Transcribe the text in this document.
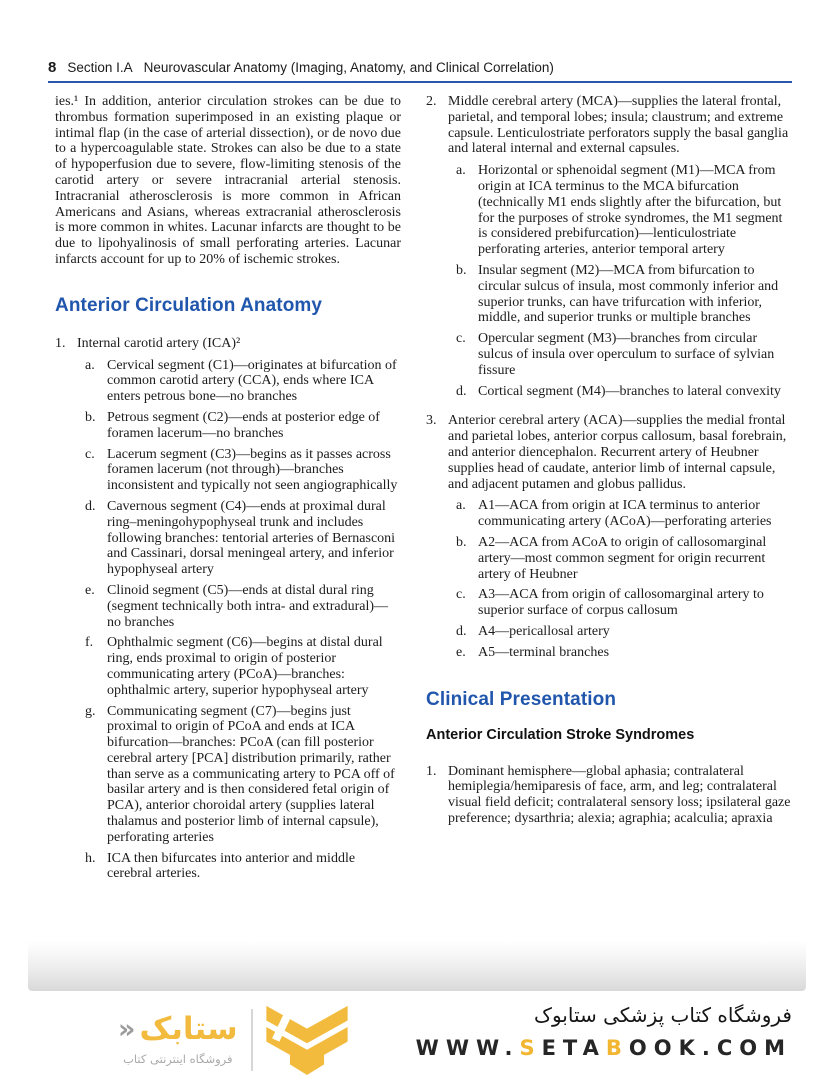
8 Section I.A Neurovascular Anatomy (Imaging, Anatomy, and Clinical Correlation)

ies.¹ In addition, anterior circulation strokes can be due to thrombus formation superimposed in an existing plaque or intimal flap (in the case of arterial dissection), or de novo due to a hypercoagulable state. Strokes can also be due to a state of hypoperfusion due to severe, flow-limiting stenosis of the carotid artery or severe intracranial arterial stenosis. Intracranial atherosclerosis is more common in African Americans and Asians, whereas extracranial atherosclerosis is more common in whites. Lacunar infarcts are thought to be due to lipohyalinosis of small perforating arteries. Lacunar infarcts account for up to 20% of ischemic strokes.

Anterior Circulation Anatomy
1. Internal carotid artery (ICA)²
a. Cervical segment (C1)—originates at bifurcation of common carotid artery (CCA), ends where ICA enters petrous bone—no branches
b. Petrous segment (C2)—ends at posterior edge of foramen lacerum—no branches
c. Lacerum segment (C3)—begins as it passes across foramen lacerum (not through)—branches inconsistent and typically not seen angiographically
d. Cavernous segment (C4)—ends at proximal dural ring–meningohypophyseal trunk and includes following branches: tentorial arteries of Bernasconi and Cassinari, dorsal meningeal artery, and inferior hypophyseal artery
e. Clinoid segment (C5)—ends at distal dural ring (segment technically both intra- and extradural)—no branches
f. Ophthalmic segment (C6)—begins at distal dural ring, ends proximal to origin of posterior communicating artery (PCoA)—branches: ophthalmic artery, superior hypophyseal artery
g. Communicating segment (C7)—begins just proximal to origin of PCoA and ends at ICA bifurcation—branches: PCoA (can fill posterior cerebral artery [PCA] distribution primarily, rather than serve as a communicating artery to PCA off of basilar artery and is then considered fetal origin of PCA), anterior choroidal artery (supplies lateral thalamus and posterior limb of internal capsule), perforating arteries
h. ICA then bifurcates into anterior and middle cerebral arteries.
2. Middle cerebral artery (MCA)—supplies the lateral frontal, parietal, and temporal lobes; insula; claustrum; and extreme capsule. Lenticulostriate perforators supply the basal ganglia and lateral internal and external capsules.
a. Horizontal or sphenoidal segment (M1)—MCA from origin at ICA terminus to the MCA bifurcation (technically M1 ends slightly after the bifurcation, but for the purposes of stroke syndromes, the M1 segment is considered prebifurcation)—lenticulostriate perforating arteries, anterior temporal artery
b. Insular segment (M2)—MCA from bifurcation to circular sulcus of insula, most commonly inferior and superior trunks, can have trifurcation with inferior, middle, and superior trunks or multiple branches
c. Opercular segment (M3)—branches from circular sulcus of insula over operculum to surface of sylvian fissure
d. Cortical segment (M4)—branches to lateral convexity
3. Anterior cerebral artery (ACA)—supplies the medial frontal and parietal lobes, anterior corpus callosum, basal forebrain, and anterior diencephalon. Recurrent artery of Heubner supplies head of caudate, anterior limb of internal capsule, and adjacent putamen and globus pallidus.
a. A1—ACA from origin at ICA terminus to anterior communicating artery (ACoA)—perforating arteries
b. A2—ACA from ACoA to origin of callosomarginal artery—most common segment for origin recurrent artery of Heubner
c. A3—ACA from origin of callosomarginal artery to superior surface of corpus callosum
d. A4—pericallosal artery
e. A5—terminal branches
Clinical Presentation
Anterior Circulation Stroke Syndromes
1. Dominant hemisphere—global aphasia; contralateral hemiplegia/hemiparesis of face, arm, and leg; contralateral visual field deficit; contralateral sensory loss; ipsilateral gaze preference; dysarthria; alexia; agraphia; acalculia; apraxia
ستابک
«
فروشگاه اینترنتی کتاب
فروشگاه کتاب پزشکی ستابوک
WWW.SETABOOK.COM
